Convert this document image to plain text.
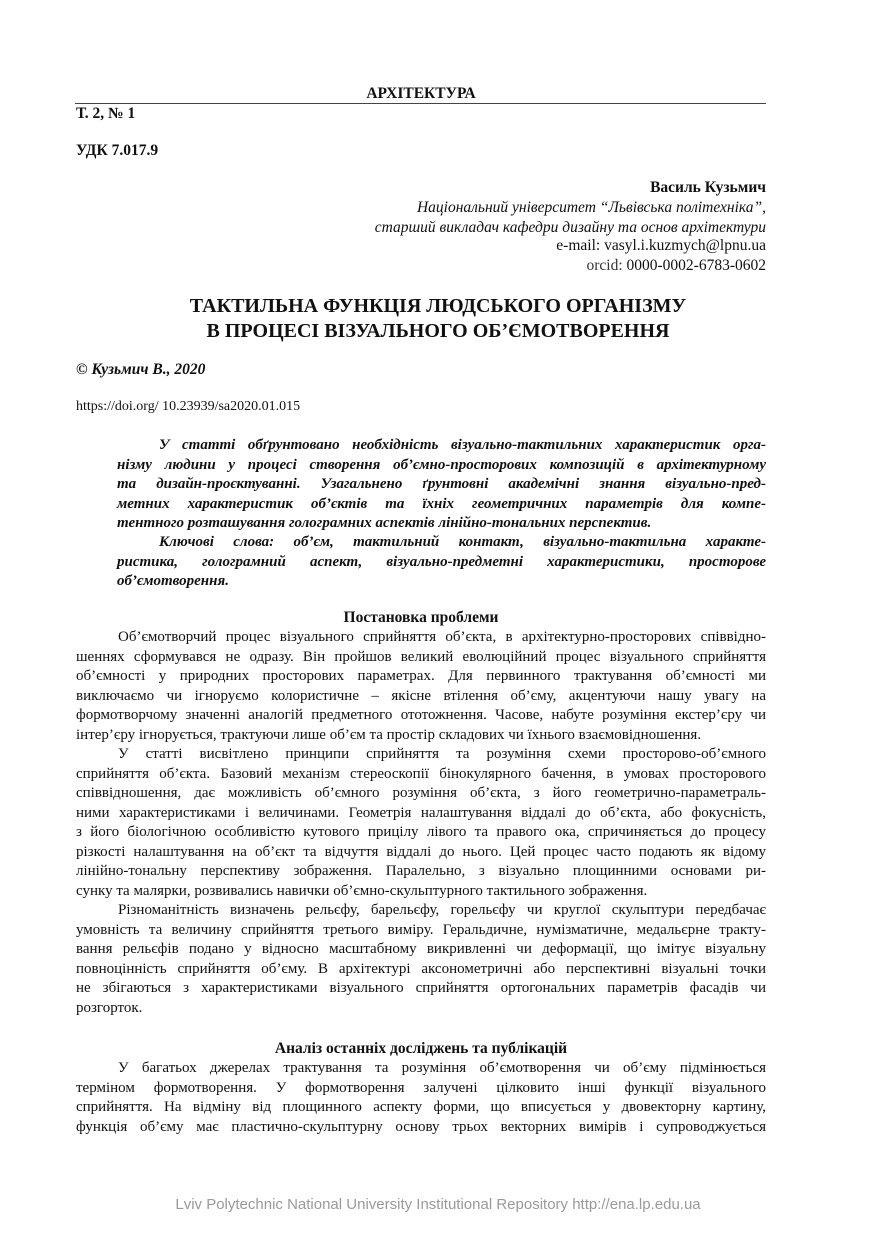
АРХІТЕКТУРА
Т. 2, № 1
УДК 7.017.9
Василь Кузьмич
Національний університет “Львівська політехніка”,
старший викладач кафедри дизайну та основ архітектури
e-mail: vasyl.i.kuzmych@lpnu.ua
orcid: 0000-0002-6783-0602
ТАКТИЛЬНА ФУНКЦІЯ ЛЮДСЬКОГО ОРГАНІЗМУ
В ПРОЦЕСІ ВІЗУАЛЬНОГО ОБ’ЄМОТВОРЕННЯ
© Кузьмич В., 2020
https://doi.org/ 10.23939/sa2020.01.015
У статті обґрунтовано необхідність візуально-тактильних характеристик орга-
нізму людини у процесі створення об’ємно-просторових композицій в архітектурному
та дизайн-проєктуванні. Узагальнено ґрунтовні академічні знання візуально-пред-
метних характеристик об’єктів та їхніх геометричних параметрів для компе-
тентного розташування голограмних аспектів лінійно-тональних перспектив.
Ключові слова: об’єм, тактильний контакт, візуально-тактильна характе-
ристика, голограмний аспект, візуально-предметні характеристики, просторове
об’ємотворення.
Постановка проблеми
Об’ємотворчий процес візуального сприйняття об’єкта, в архітектурно-просторових співвідно-
шеннях сформувався не одразу. Він пройшов великий еволюційний процес візуального сприйняття
об’ємності у природних просторових параметрах. Для первинного трактування об’ємності ми
виключаємо чи ігноруємо колористичне – якісне втілення об’єму, акцентуючи нашу увагу на
формотворчому значенні аналогій предметного ототожнення. Часове, набуте розуміння екстер’єру чи
інтер’єру ігнорується, трактуючи лише об’єм та простір складових чи їхнього взаємовідношення.
У статті висвітлено принципи сприйняття та розуміння схеми просторово-об’ємного
сприйняття об’єкта. Базовий механізм стереоскопії бінокулярного бачення, в умовах просторового
співвідношення, дає можливість об’ємного розуміння об’єкта, з його геометрично-параметраль-
ними характеристиками і величинами. Геометрія налаштування віддалі до об’єкта, або фокусність,
з його біологічною особливістю кутового прицілу лівого та правого ока, спричиняється до процесу
різкості налаштування на об’єкт та відчуття віддалі до нього. Цей процес часто подають як відому
лінійно-тональну перспективу зображення. Паралельно, з візуально площинними основами ри-
сунку та малярки, розвивались навички об’ємно-скульптурного тактильного зображення.
Різноманітність визначень рельєфу, барельєфу, горельєфу чи круглої скульптури передбачає
умовність та величину сприйняття третього виміру. Геральдичне, нумізматичне, медальєрне тракту-
вання рельєфів подано у відносно масштабному викривленні чи деформації, що імітує візуальну
повноцінність сприйняття об’єму. В архітектурі аксонометричні або перспективні візуальні точки
не збігаються з характеристиками візуального сприйняття ортогональних параметрів фасадів чи
розгорток.
Аналіз останніх досліджень та публікацій
У багатьох джерелах трактування та розуміння об’ємотворення чи об’єму підмінюється
терміном формотворення. У формотворення залучені цілковито інші функції візуального
сприйняття. На відміну від площинного аспекту форми, що вписується у двовекторну картину,
функція об’єму має пластично-скульптурну основу трьох векторних вимірів і супроводжується
Lviv Polytechnic National University Institutional Repository http://ena.lp.edu.ua
